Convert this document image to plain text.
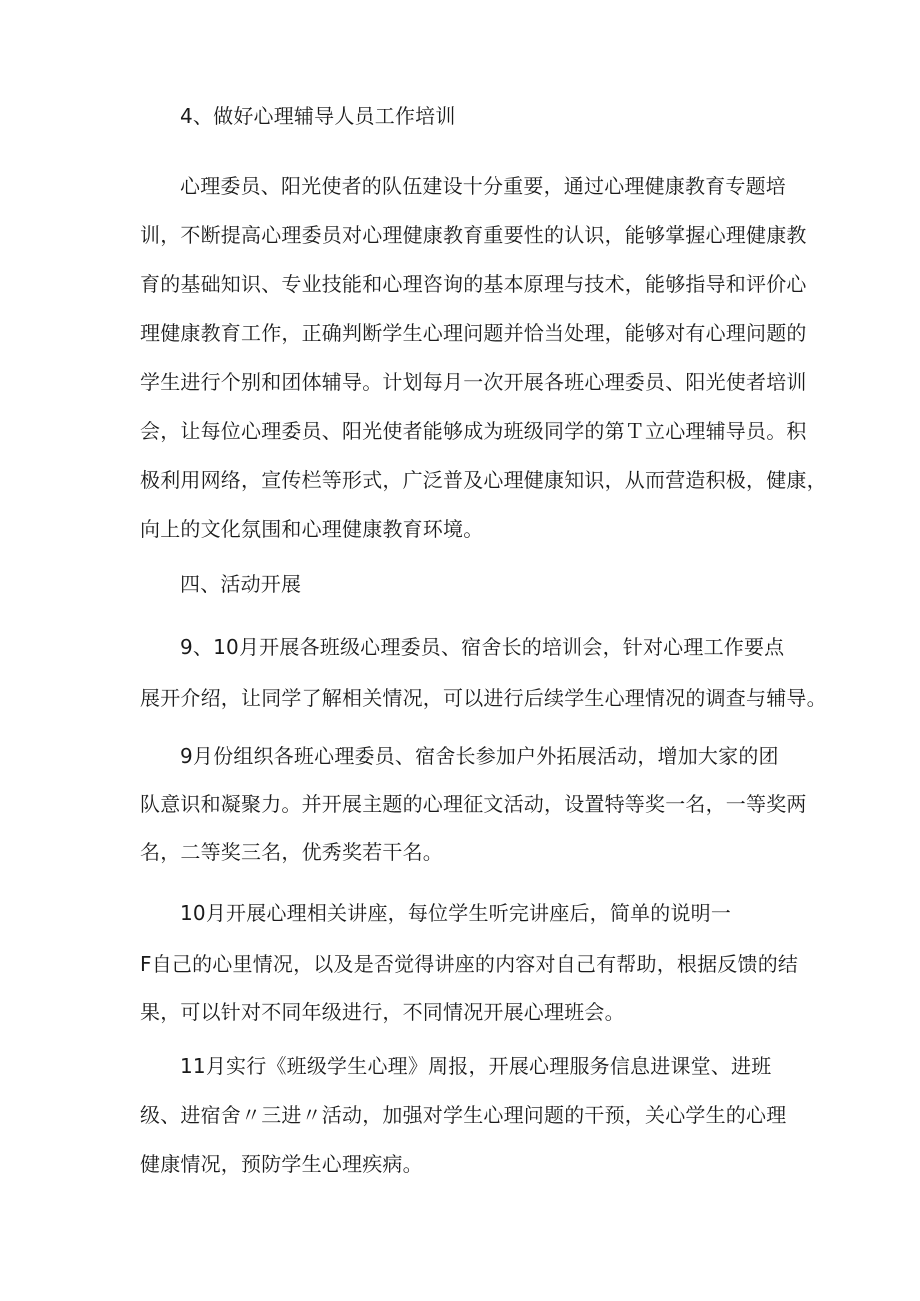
4、做好心理辅导人员工作培训
心理委员、阳光使者的队伍建设十分重要，通过心理健康教育专题培
训，不断提高心理委员对心理健康教育重要性的认识，能够掌握心理健康教
育的基础知识、专业技能和心理咨询的基本原理与技术，能够指导和评价心
理健康教育工作，正确判断学生心理问题并恰当处理，能够对有心理问题的
学生进行个别和团体辅导。计划每月一次开展各班心理委员、阳光使者培训
会，让每位心理委员、阳光使者能够成为班级同学的第Ｔ立心理辅导员。积
极利用网络，宣传栏等形式，广泛普及心理健康知识，从而营造积极，健康，
向上的文化氛围和心理健康教育环境。
四、活动开展
9、10月开展各班级心理委员、宿舍长的培训会，针对心理工作要点
展开介绍，让同学了解相关情况，可以进行后续学生心理情况的调查与辅导。
9月份组织各班心理委员、宿舍长参加户外拓展活动，增加大家的团
队意识和凝聚力。并开展主题的心理征文活动，设置特等奖一名，一等奖两
名，二等奖三名，优秀奖若干名。
10月开展心理相关讲座，每位学生听完讲座后，简单的说明一
F自己的心里情况，以及是否觉得讲座的内容对自己有帮助，根据反馈的结
果，可以针对不同年级进行，不同情况开展心理班会。
11月实行《班级学生心理》周报，开展心理服务信息进课堂、进班
级、进宿舍〃三进〃活动，加强对学生心理问题的干预，关心学生的心理
健康情况，预防学生心理疾病。
